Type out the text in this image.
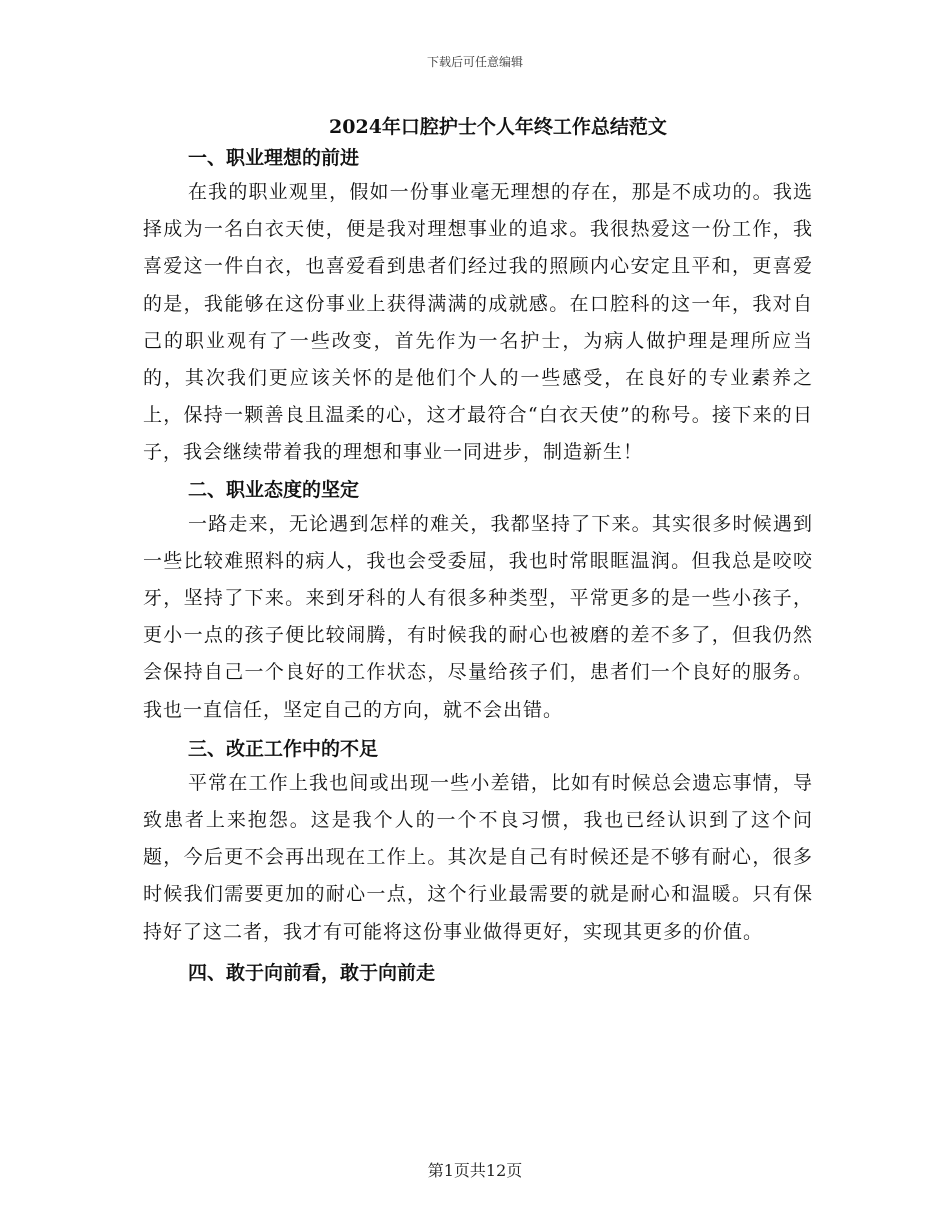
下载后可任意编辑
2024年口腔护士个人年终工作总结范文
一、职业理想的前进

在我的职业观里，假如一份事业毫无理想的存在，那是不成功的。我选择成为一名白衣天使，便是我对理想事业的追求。我很热爱这一份工作，我喜爱这一件白衣，也喜爱看到患者们经过我的照顾内心安定且平和，更喜爱的是，我能够在这份事业上获得满满的成就感。在口腔科的这一年，我对自己的职业观有了一些改变，首先作为一名护士，为病人做护理是理所应当的，其次我们更应该关怀的是他们个人的一些感受，在良好的专业素养之上，保持一颗善良且温柔的心，这才最符合“白衣天使”的称号。接下来的日子，我会继续带着我的理想和事业一同进步，制造新生！

二、职业态度的坚定

一路走来，无论遇到怎样的难关，我都坚持了下来。其实很多时候遇到一些比较难照料的病人，我也会受委屈，我也时常眼眶温润。但我总是咬咬牙，坚持了下来。来到牙科的人有很多种类型，平常更多的是一些小孩子，更小一点的孩子便比较闹腾，有时候我的耐心也被磨的差不多了，但我仍然会保持自己一个良好的工作状态，尽量给孩子们，患者们一个良好的服务。我也一直信任，坚定自己的方向，就不会出错。

三、改正工作中的不足

平常在工作上我也间或出现一些小差错，比如有时候总会遗忘事情，导致患者上来抱怨。这是我个人的一个不良习惯，我也已经认识到了这个问题，今后更不会再出现在工作上。其次是自己有时候还是不够有耐心，很多时候我们需要更加的耐心一点，这个行业最需要的就是耐心和温暖。只有保持好了这二者，我才有可能将这份事业做得更好，实现其更多的价值。

四、敢于向前看，敢于向前走
第1页共12页
